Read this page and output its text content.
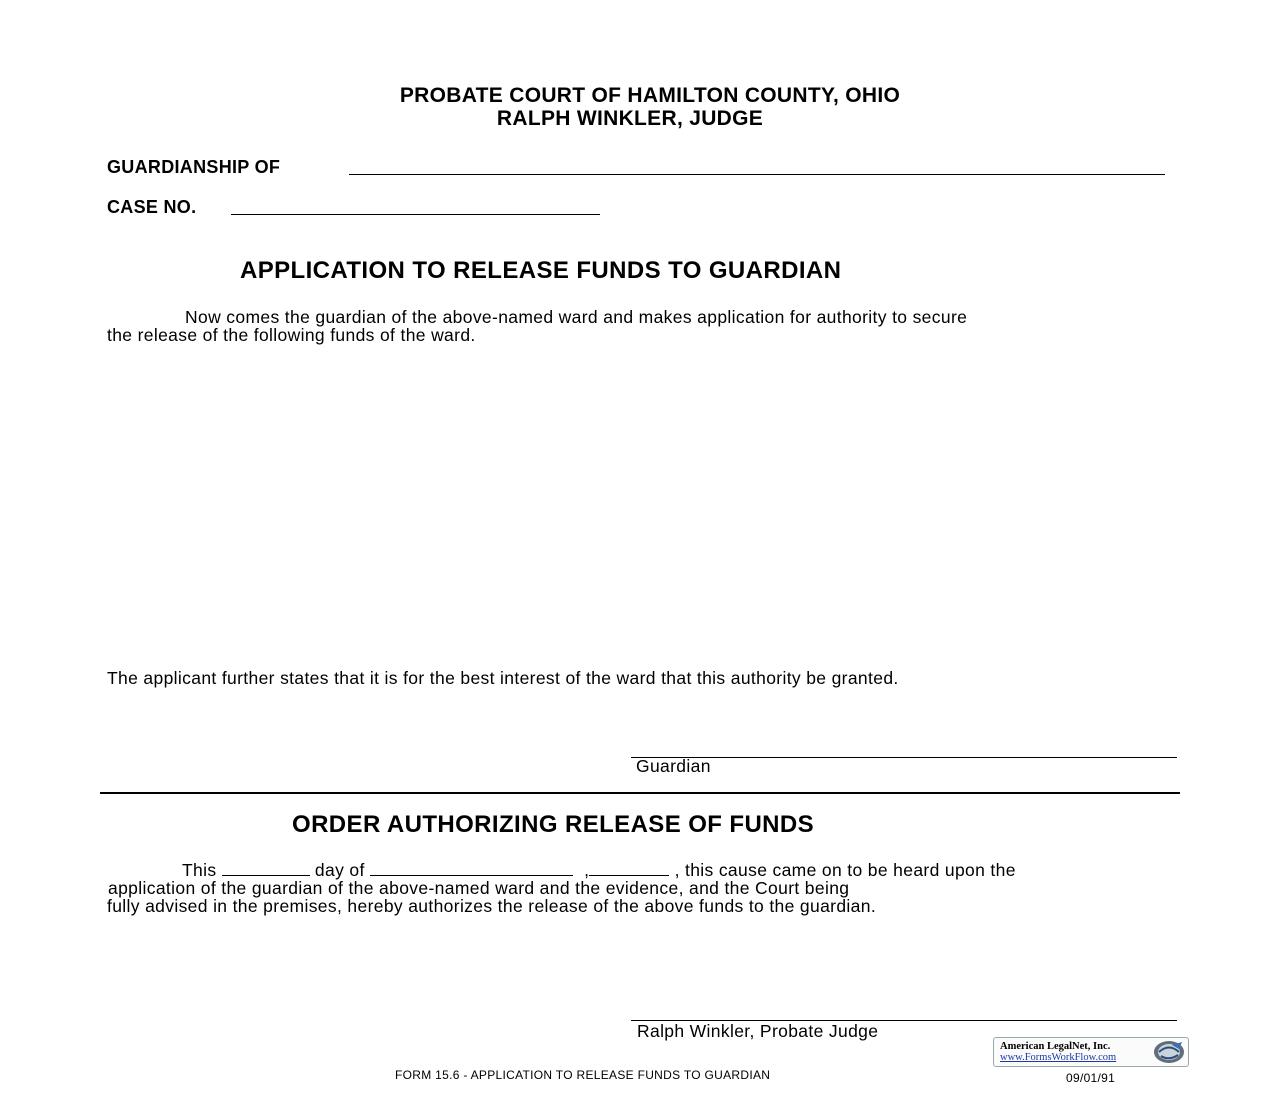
PROBATE COURT OF HAMILTON COUNTY, OHIO
RALPH WINKLER, JUDGE
GUARDIANSHIP OF
CASE NO.
APPLICATION TO RELEASE FUNDS TO GUARDIAN
Now comes the guardian of the above-named ward and makes application for authority to secure
the release of the following funds of the ward.
The applicant further states that it is for the best interest of the ward that this authority be granted.
Guardian
ORDER AUTHORIZING RELEASE OF FUNDS
This	day of	,	, this cause came on to be heard upon the
application of the guardian of the above-named ward and the evidence, and the Court being
fully advised in the premises, hereby authorizes the release of the above funds to the guardian.
Ralph Winkler, Probate Judge
FORM 15.6 - APPLICATION TO RELEASE FUNDS TO GUARDIAN	09/01/91
American LegalNet, Inc.
www.FormsWorkFlow.com
